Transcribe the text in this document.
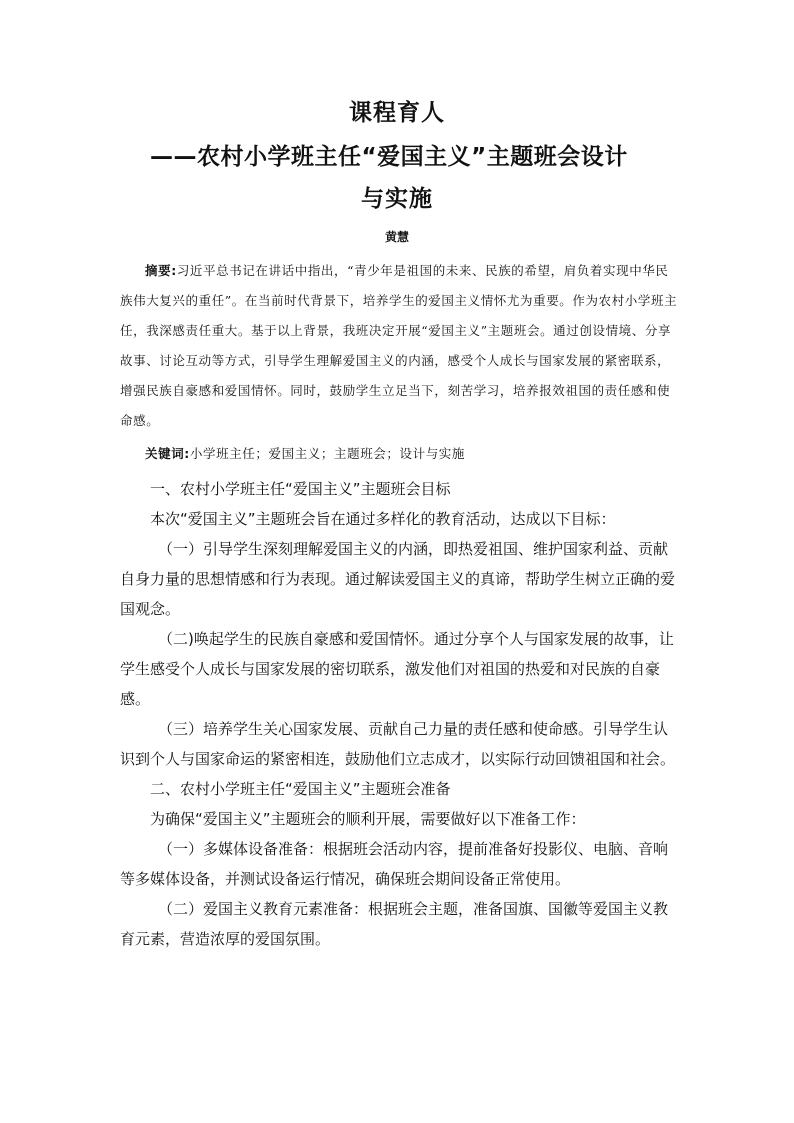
课程育人
——农村小学班主任“爱国主义”主题班会设计
与实施
黄慧
摘要:习近平总书记在讲话中指出，“青少年是祖国的未来、民族的希望，肩负着实现中华民族伟大复兴的重任”。在当前时代背景下，培养学生的爱国主义情怀尤为重要。作为农村小学班主任，我深感责任重大。基于以上背景，我班决定开展“爱国主义”主题班会。通过创设情境、分享故事、讨论互动等方式，引导学生理解爱国主义的内涵，感受个人成长与国家发展的紧密联系，增强民族自豪感和爱国情怀。同时，鼓励学生立足当下，刻苦学习，培养报效祖国的责任感和使命感。
关键词:小学班主任；爱国主义；主题班会；设计与实施

一、农村小学班主任“爱国主义”主题班会目标

本次“爱国主义”主题班会旨在通过多样化的教育活动，达成以下目标：

（一）引导学生深刻理解爱国主义的内涵，即热爱祖国、维护国家利益、贡献自身力量的思想情感和行为表现。通过解读爱国主义的真谛，帮助学生树立正确的爱国观念。

（二)唤起学生的民族自豪感和爱国情怀。通过分享个人与国家发展的故事，让学生感受个人成长与国家发展的密切联系，激发他们对祖国的热爱和对民族的自豪感。

（三）培养学生关心国家发展、贡献自己力量的责任感和使命感。引导学生认识到个人与国家命运的紧密相连，鼓励他们立志成才，以实际行动回馈祖国和社会。

二、农村小学班主任“爱国主义”主题班会准备

为确保“爱国主义”主题班会的顺利开展，需要做好以下准备工作：

（一）多媒体设备准备：根据班会活动内容，提前准备好投影仪、电脑、音响等多媒体设备，并测试设备运行情况，确保班会期间设备正常使用。

（二）爱国主义教育元素准备：根据班会主题，准备国旗、国徽等爱国主义教育元素，营造浓厚的爱国氛围。
